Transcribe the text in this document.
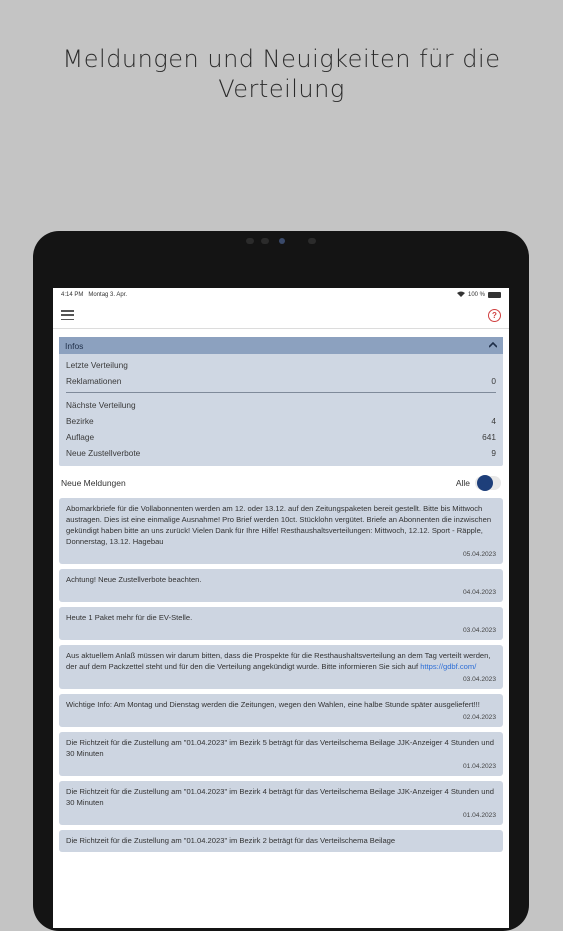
Meldungen und Neuigkeiten für die
Verteilung
4:14 PM Montag 3. Apr.	100 %
?
Infos
Letzte Verteilung
Reklamationen	0
Nächste Verteilung
Bezirke	4
Auflage	641
Neue Zustellverbote	9
Neue Meldungen	Alle
Abomarkbriefe für die Vollabonnenten werden am 12. oder 13.12. auf den Zeitungspaketen bereit gestellt. Bitte bis Mittwoch austragen. Dies ist eine einmalige Ausnahme! Pro Brief werden 10ct. Stücklohn vergütet. Briefe an Abonnenten die inzwischen gekündigt haben bitte an uns zurück! Vielen Dank für Ihre Hilfe! Resthaushaltsverteilungen: Mittwoch, 12.12. Sport - Räpple, Donnerstag, 13.12. Hagebau
05.04.2023
Achtung! Neue Zustellverbote beachten.
04.04.2023
Heute 1 Paket mehr für die EV-Stelle.
03.04.2023
Aus aktuellem Anlaß müssen wir darum bitten, dass die Prospekte für die Resthaushaltsverteilung an dem Tag verteilt werden, der auf dem Packzettel steht und für den die Verteilung angekündigt wurde. Bitte informieren Sie sich auf https://gdbf.com/
03.04.2023
Wichtige Info: Am Montag und Dienstag werden die Zeitungen, wegen den Wahlen, eine halbe Stunde später ausgeliefert!!!
02.04.2023
Die Richtzeit für die Zustellung am "01.04.2023" im Bezirk 5 beträgt für das Verteilschema Beilage JJK-Anzeiger 4 Stunden und 30 Minuten
01.04.2023
Die Richtzeit für die Zustellung am "01.04.2023" im Bezirk 4 beträgt für das Verteilschema Beilage JJK-Anzeiger 4 Stunden und 30 Minuten
01.04.2023
Die Richtzeit für die Zustellung am "01.04.2023" im Bezirk 2 beträgt für das Verteilschema Beilage
